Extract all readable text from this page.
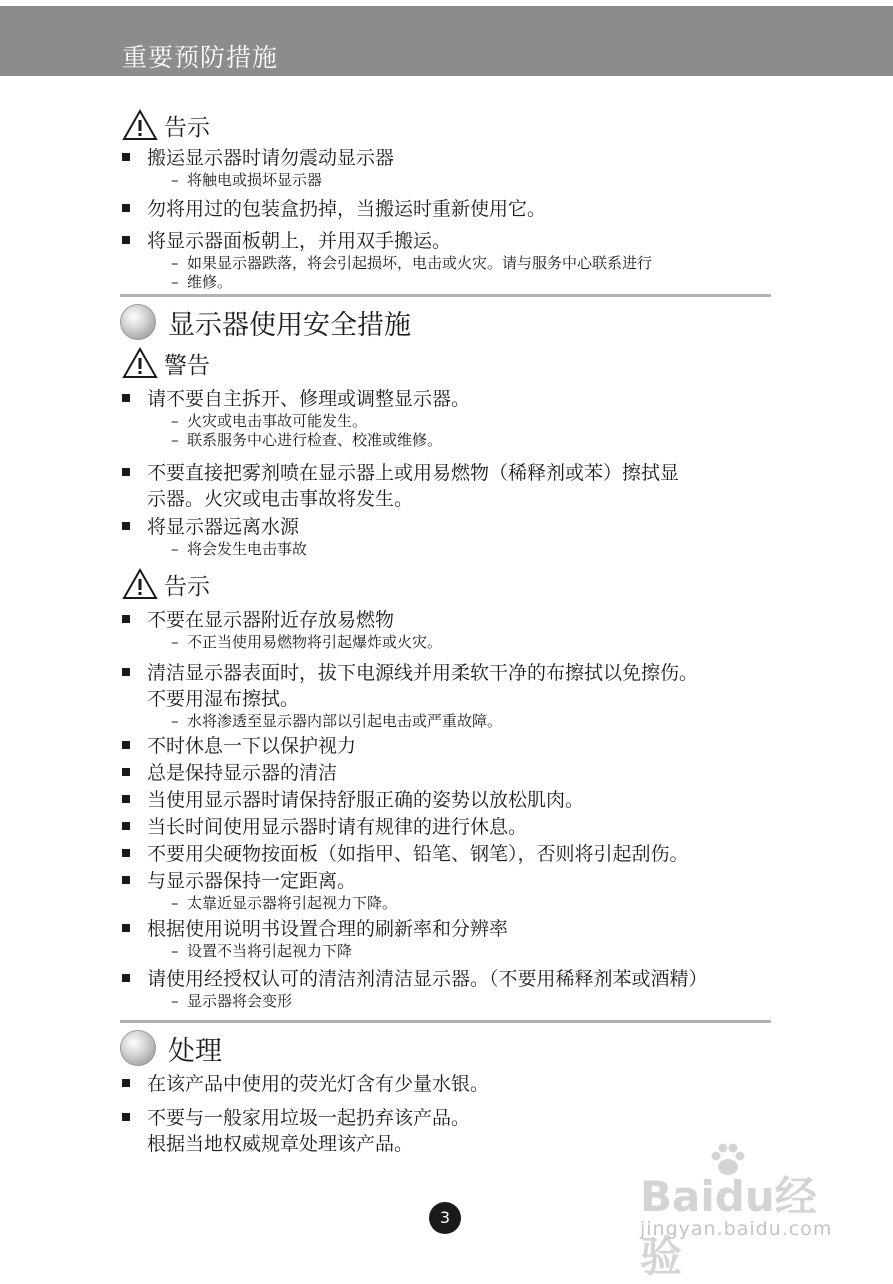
重要预防措施
告示
搬运显示器时请勿震动显示器
– 将触电或损坏显示器
勿将用过的包装盒扔掉，当搬运时重新使用它。
将显示器面板朝上，并用双手搬运。
– 如果显示器跌落，将会引起损坏，电击或火灾。请与服务中心联系进行
– 维修。
显示器使用安全措施
警告
请不要自主拆开、修理或调整显示器。
– 火灾或电击事故可能发生。
– 联系服务中心进行检查、校准或维修。
不要直接把雾剂喷在显示器上或用易燃物（稀释剂或苯）擦拭显
示器。火灾或电击事故将发生。
将显示器远离水源
– 将会发生电击事故
告示
不要在显示器附近存放易燃物
– 不正当使用易燃物将引起爆炸或火灾。
清洁显示器表面时，拔下电源线并用柔软干净的布擦拭以免擦伤。
不要用湿布擦拭。
– 水将渗透至显示器内部以引起电击或严重故障。
不时休息一下以保护视力
总是保持显示器的清洁
当使用显示器时请保持舒服正确的姿势以放松肌肉。
当长时间使用显示器时请有规律的进行休息。
不要用尖硬物按面板（如指甲、铅笔、钢笔），否则将引起刮伤。
与显示器保持一定距离。
– 太靠近显示器将引起视力下降。
根据使用说明书设置合理的刷新率和分辨率
– 设置不当将引起视力下降
请使用经授权认可的清洁剂清洁显示器。（不要用稀释剂苯或酒精）
– 显示器将会变形
处理
在该产品中使用的荧光灯含有少量水银。
不要与一般家用垃圾一起扔弃该产品。
根据当地权威规章处理该产品。
3	Baidu经验
jingyan.baidu.com
